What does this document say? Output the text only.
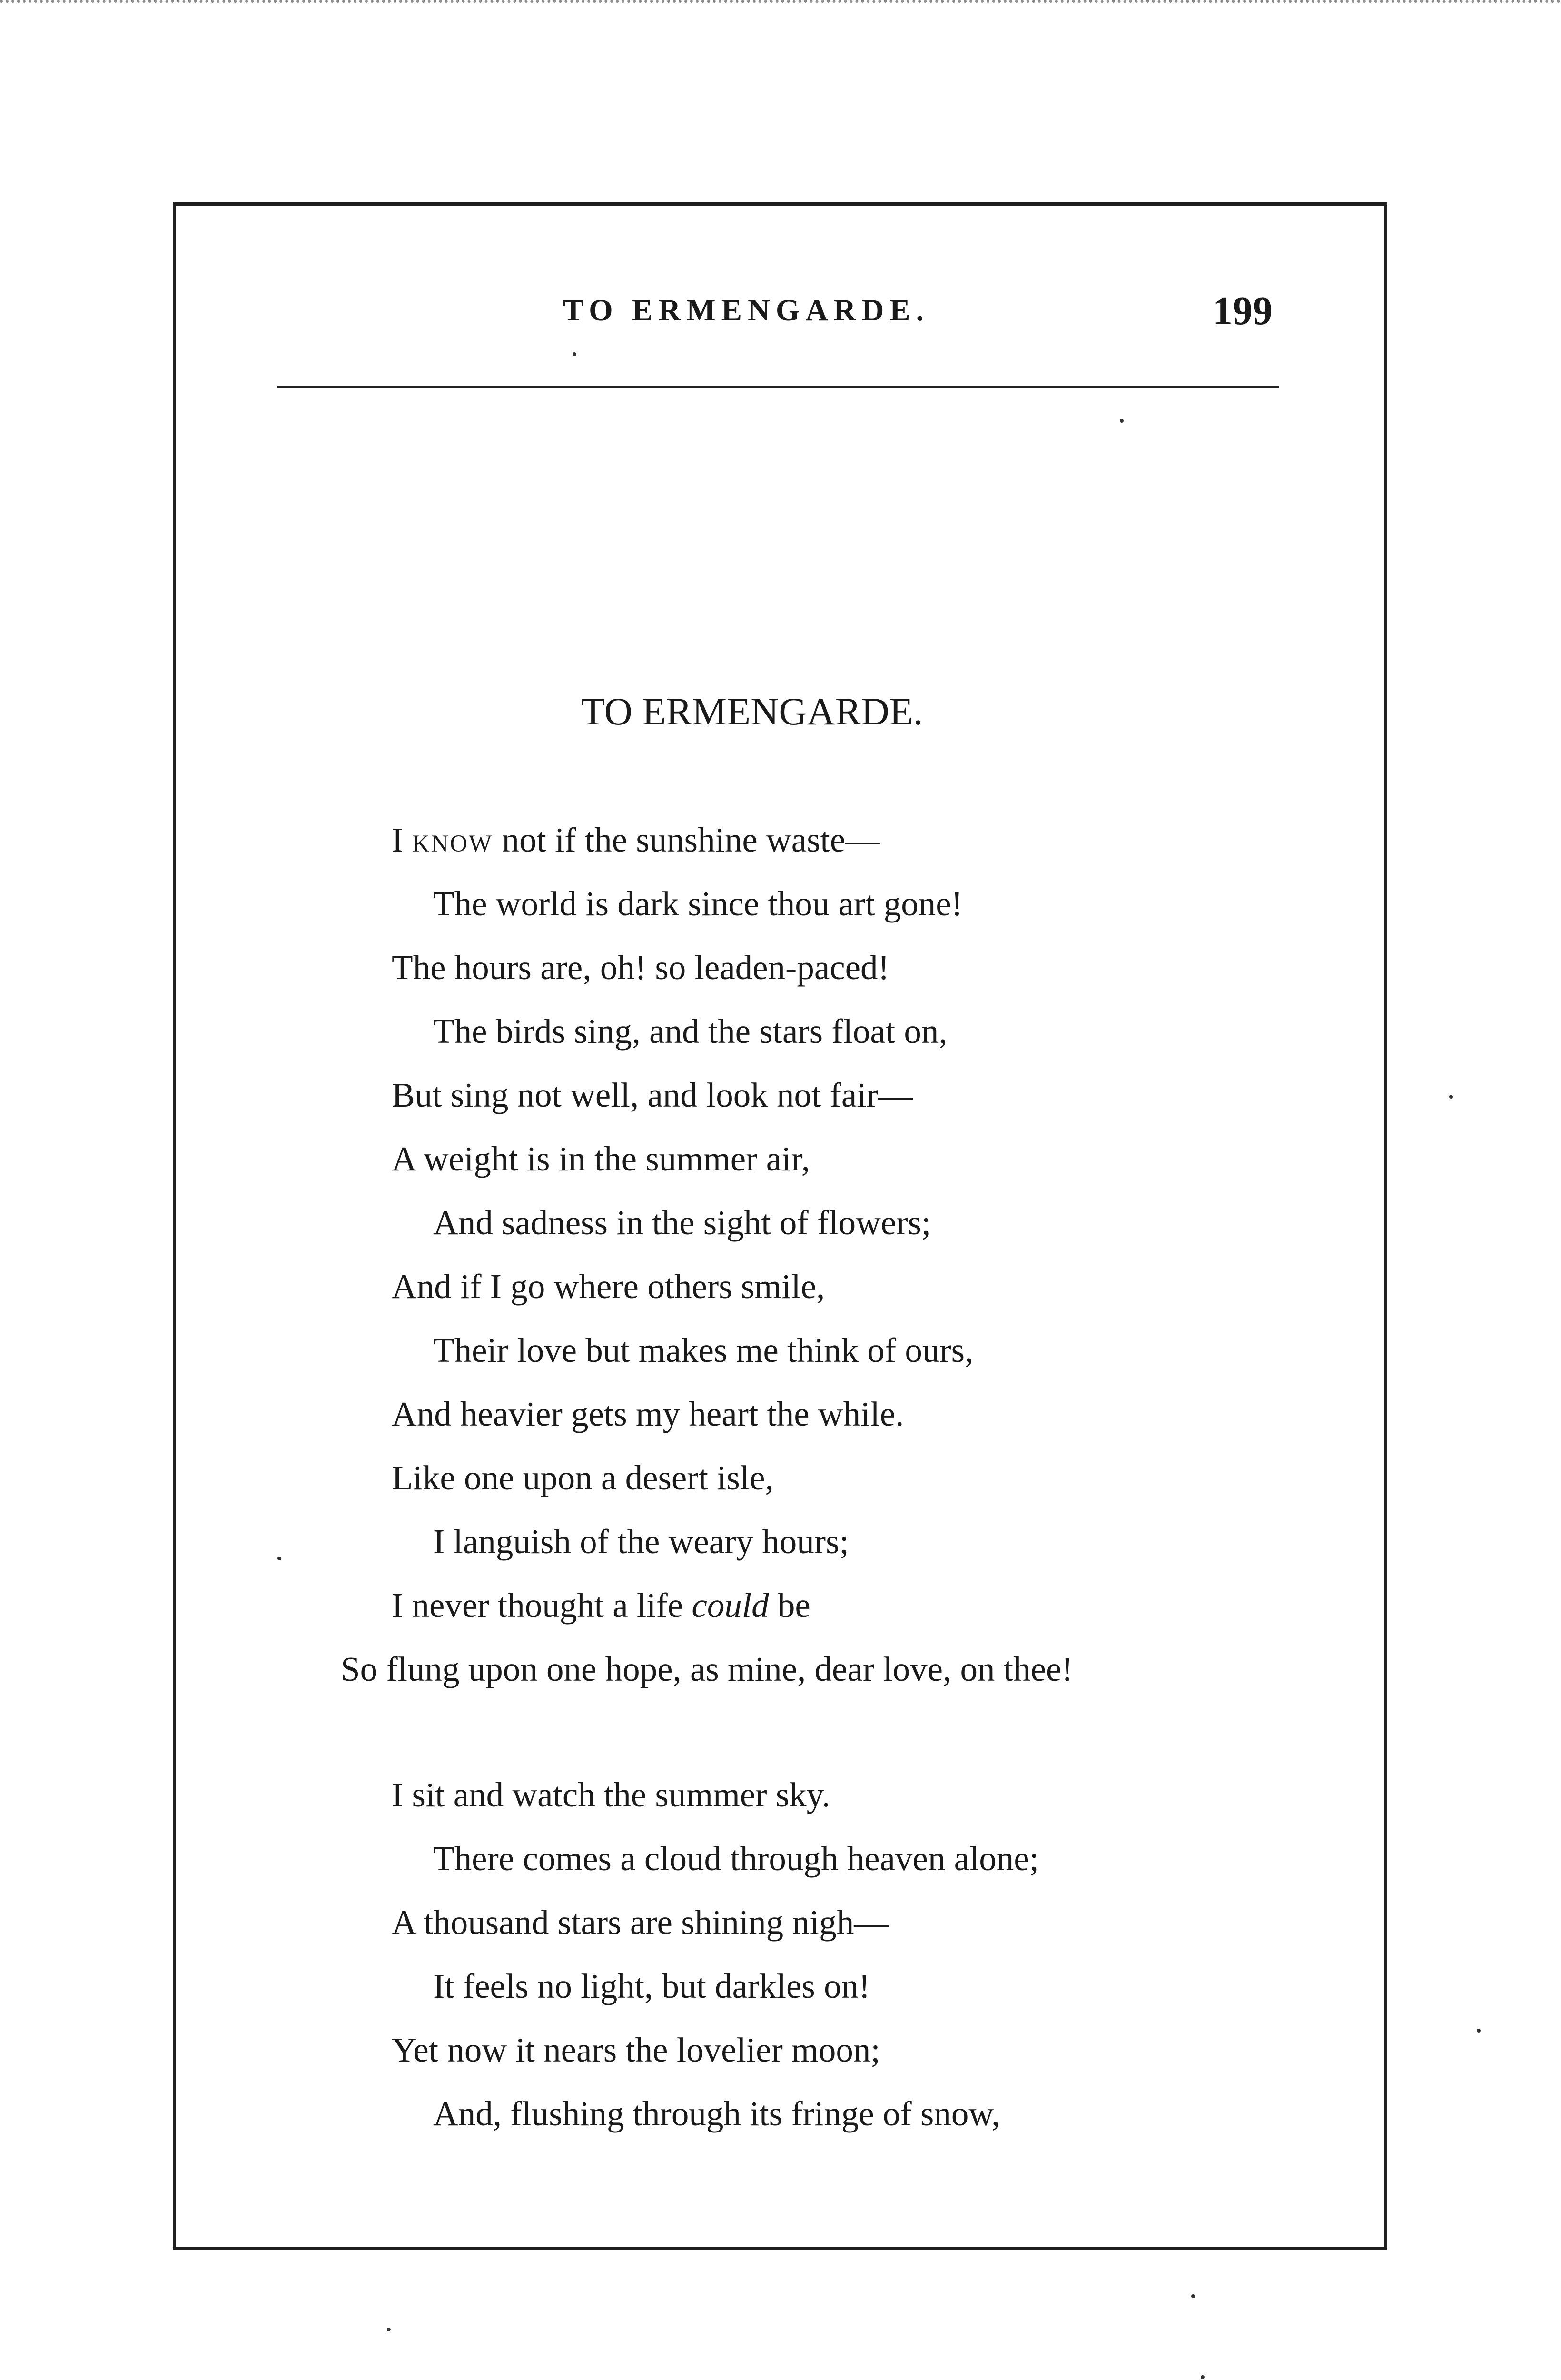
TO ERMENGARDE.	199
TO ERMENGARDE.
I know not if the sunshine waste—
The world is dark since thou art gone!
The hours are, oh! so leaden-paced!
The birds sing, and the stars float on,
But sing not well, and look not fair—
A weight is in the summer air,
And sadness in the sight of flowers;
And if I go where others smile,
Their love but makes me think of ours,
And heavier gets my heart the while.
Like one upon a desert isle,
I languish of the weary hours;
I never thought a life could be
So flung upon one hope, as mine, dear love, on thee!
I sit and watch the summer sky.
There comes a cloud through heaven alone;
A thousand stars are shining nigh—
It feels no light, but darkles on!
Yet now it nears the lovelier moon;
And, flushing through its fringe of snow,
